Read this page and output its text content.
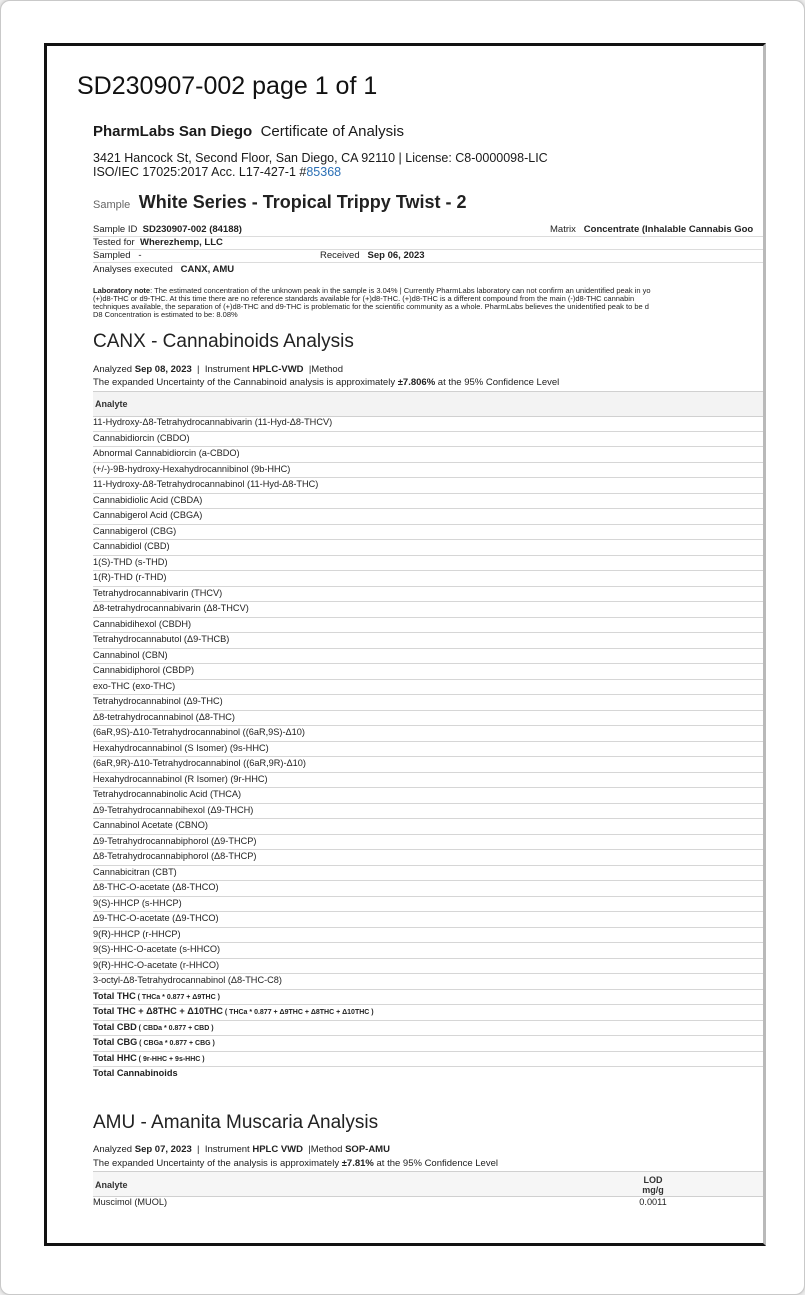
SD230907-002 page 1 of 1
PharmLabs San Diego Certificate of Analysis
3421 Hancock St, Second Floor, San Diego, CA 92110 | License: C8-0000098-LIC
ISO/IEC 17025:2017 Acc. L17-427-1 #85368
Sample White Series - Tropical Trippy Twist - 2
Sample ID SD230907-002 (84188)	Matrix Concentrate (Inhalable Cannabis Goo
Tested for Wherezhemp, LLC
Sampled -	Received Sep 06, 2023
Analyses executed CANX, AMU
Laboratory note: The estimated concentration of the unknown peak in the sample is 3.04% | Currently PharmLabs laboratory can not confirm an unidentified peak in yo
(+)d8-THC or d9-THC. At this time there are no reference standards available for (+)d8-THC. (+)d8-THC is a different compound from the main (-)d8-THC cannabin
techniques available, the separation of (+)d8-THC and d9-THC is problematic for the scientific community as a whole. PharmLabs believes the unidentified peak to be d
D8 Concentration is estimated to be: 8.08%
CANX - Cannabinoids Analysis
Analyzed Sep 08, 2023  |  Instrument HPLC-VWD  |Method
The expanded Uncertainty of the Cannabinoid analysis is approximately ±7.806% at the 95% Confidence Level
Analyte
11-Hydroxy-Δ8-Tetrahydrocannabivarin (11-Hyd-Δ8-THCV)
Cannabidiorcin (CBDO)
Abnormal Cannabidiorcin (a-CBDO)
(+/-)-9B-hydroxy-Hexahydrocannibinol (9b-HHC)
11-Hydroxy-Δ8-Tetrahydrocannabinol (11-Hyd-Δ8-THC)
Cannabidiolic Acid (CBDA)
Cannabigerol Acid (CBGA)
Cannabigerol (CBG)
Cannabidiol (CBD)
1(S)-THD (s-THD)
1(R)-THD (r-THD)
Tetrahydrocannabivarin (THCV)
Δ8-tetrahydrocannabivarin (Δ8-THCV)
Cannabidihexol (CBDH)
Tetrahydrocannabutol (Δ9-THCB)
Cannabinol (CBN)
Cannabidiphorol (CBDP)
exo-THC (exo-THC)
Tetrahydrocannabinol (Δ9-THC)
Δ8-tetrahydrocannabinol (Δ8-THC)
(6aR,9S)-Δ10-Tetrahydrocannabinol ((6aR,9S)-Δ10)
Hexahydrocannabinol (S Isomer) (9s-HHC)
(6aR,9R)-Δ10-Tetrahydrocannabinol ((6aR,9R)-Δ10)
Hexahydrocannabinol (R Isomer) (9r-HHC)
Tetrahydrocannabinolic Acid (THCA)
Δ9-Tetrahydrocannabihexol (Δ9-THCH)
Cannabinol Acetate (CBNO)
Δ9-Tetrahydrocannabiphorol (Δ9-THCP)
Δ8-Tetrahydrocannabiphorol (Δ8-THCP)
Cannabicitran (CBT)
Δ8-THC-O-acetate (Δ8-THCO)
9(S)-HHCP (s-HHCP)
Δ9-THC-O-acetate (Δ9-THCO)
9(R)-HHCP (r-HHCP)
9(S)-HHC-O-acetate (s-HHCO)
9(R)-HHC-O-acetate (r-HHCO)
3-octyl-Δ8-Tetrahydrocannabinol (Δ8-THC-C8)
Total THC ( THCa * 0.877 + Δ9THC )
Total THC + Δ8THC + Δ10THC ( THCa * 0.877 + Δ9THC + Δ8THC + Δ10THC )
Total CBD ( CBDa * 0.877 + CBD )
Total CBG ( CBGa * 0.877 + CBG )
Total HHC ( 9r-HHC + 9s-HHC )
Total Cannabinoids
AMU - Amanita Muscaria Analysis
Analyzed Sep 07, 2023  |  Instrument HPLC VWD  |Method SOP-AMU
The expanded Uncertainty of the analysis is approximately ±7.81% at the 95% Confidence Level
Analyte	LOD
mg/g
Muscimol (MUOL)	0.0011
